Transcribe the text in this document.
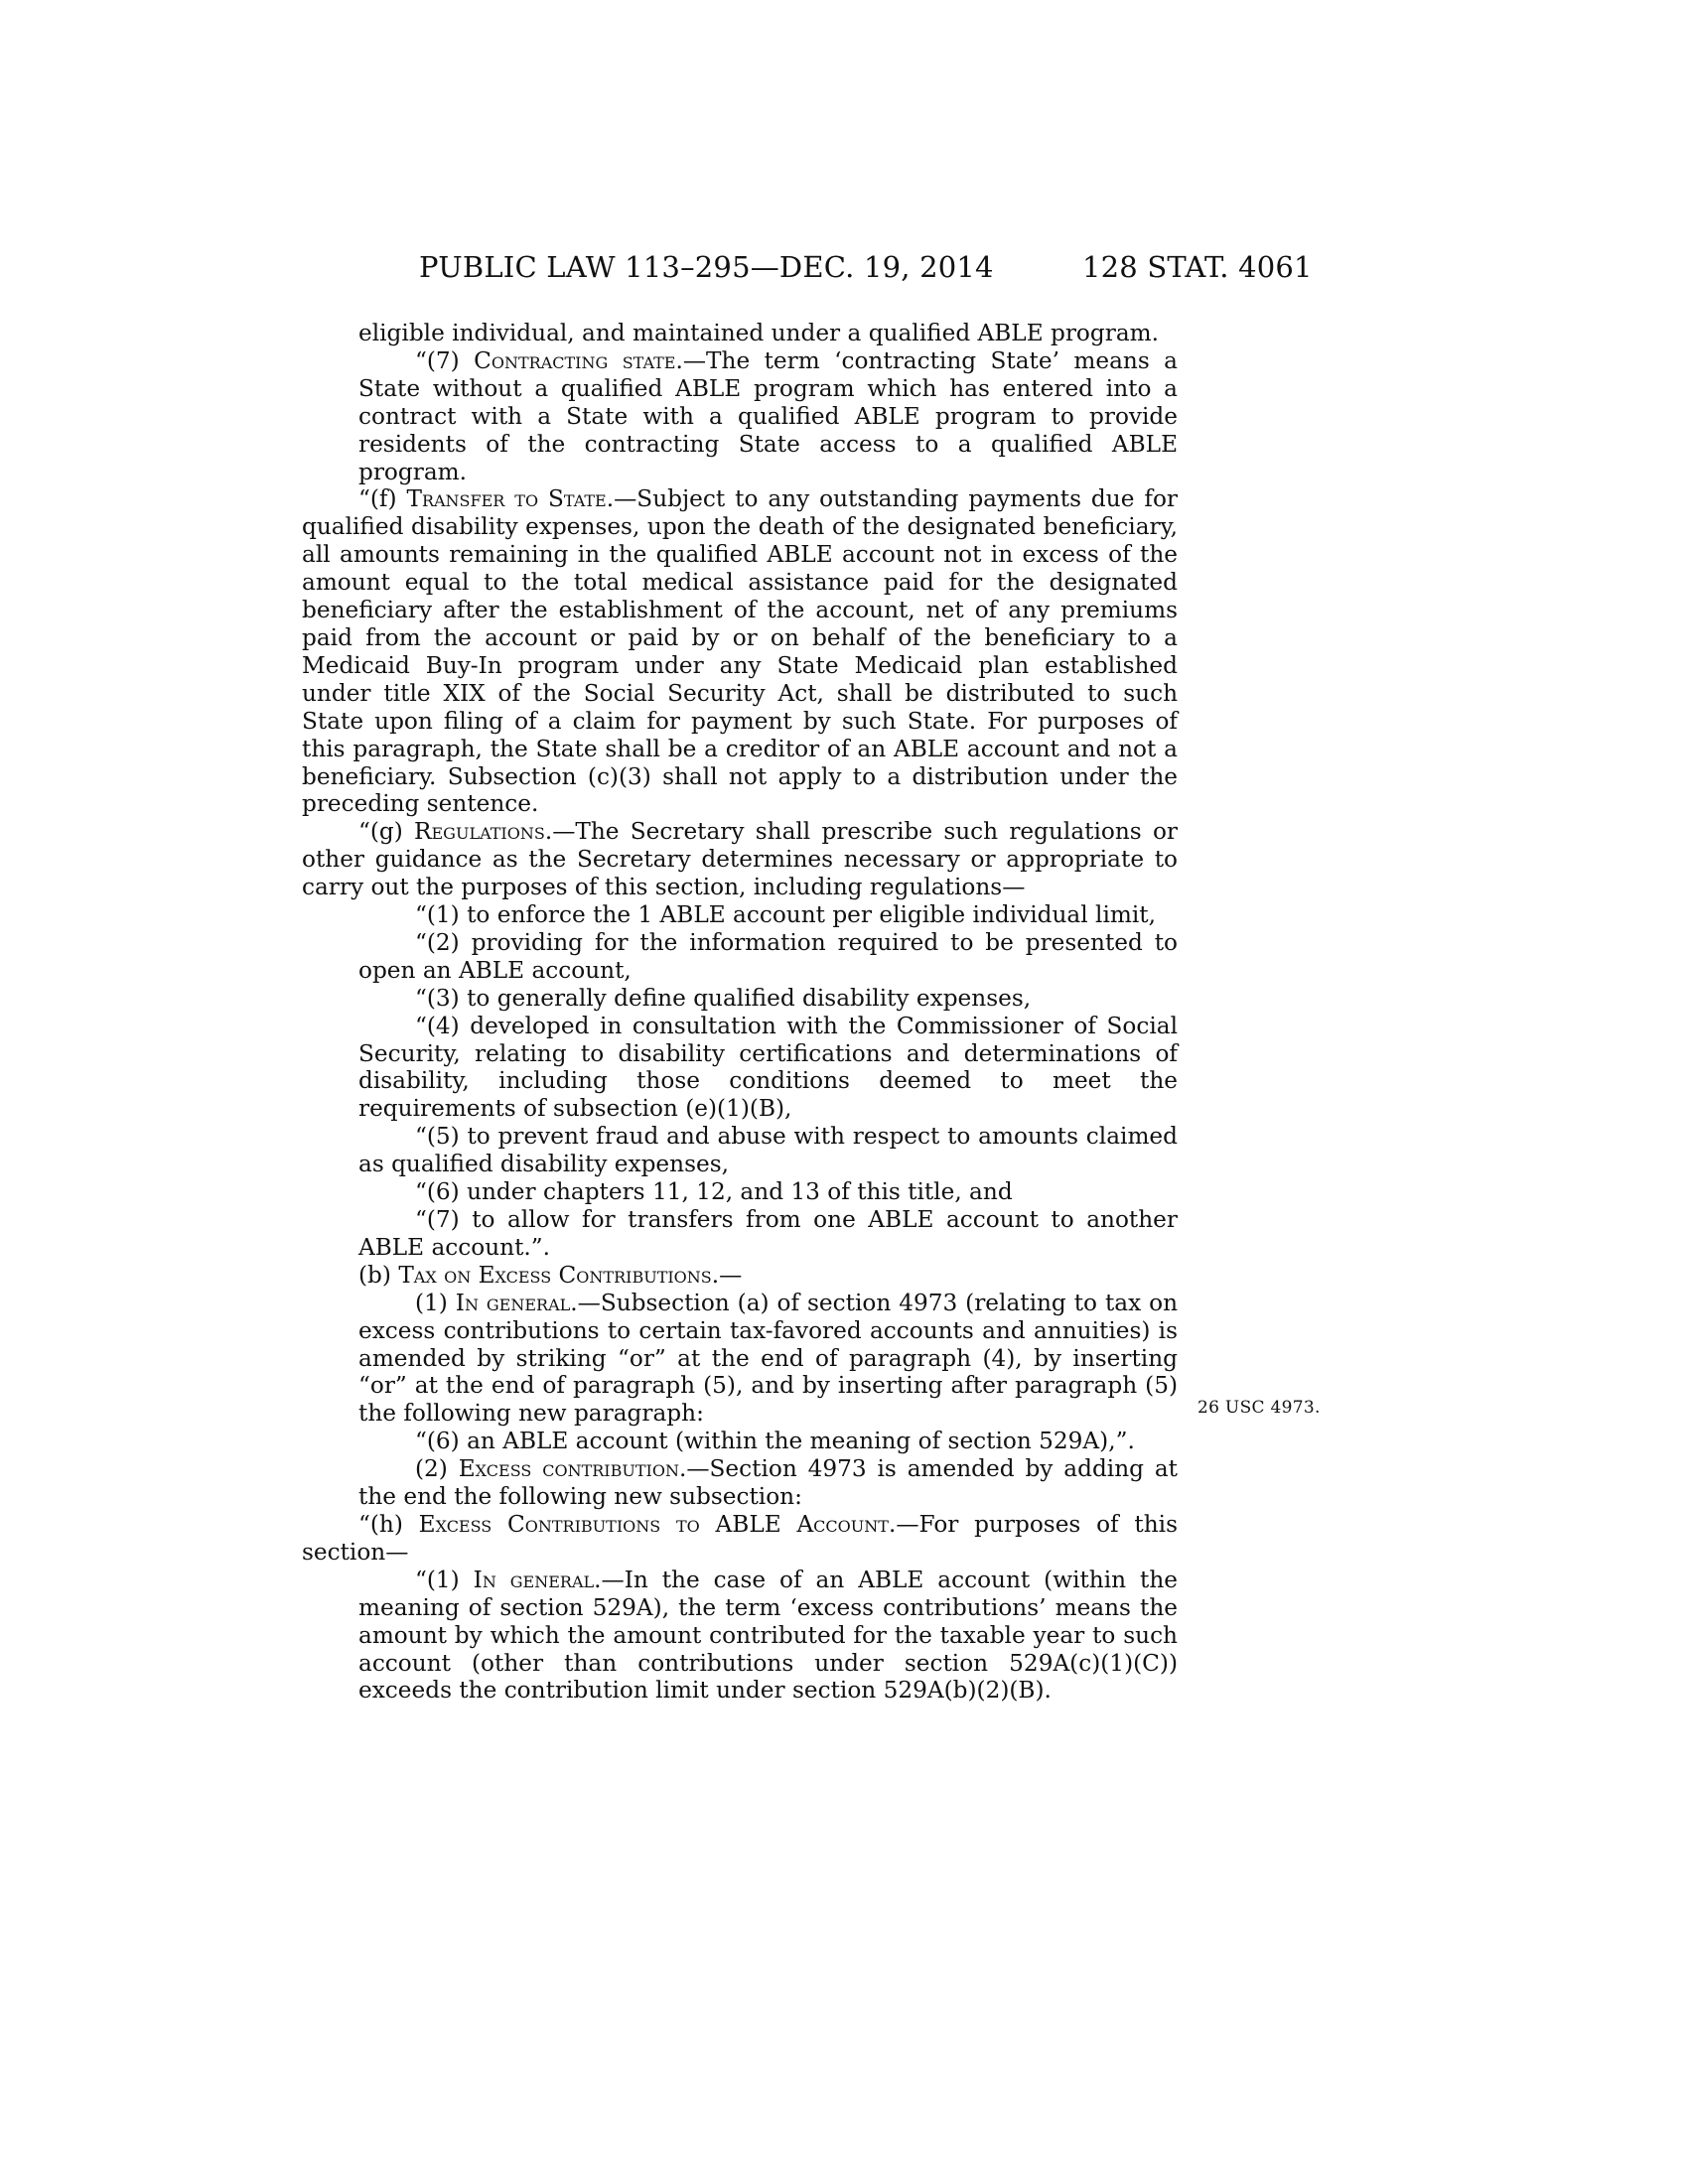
PUBLIC LAW 113–295—DEC. 19, 2014	128 STAT. 4061
26 USC 4973.

eligible individual, and maintained under a qualified ABLE program.

“(7) Contracting state.—The term ‘contracting State’ means a State without a qualified ABLE program which has entered into a contract with a State with a qualified ABLE program to provide residents of the contracting State access to a qualified ABLE program.

“(f) Transfer to State.—Subject to any outstanding payments due for qualified disability expenses, upon the death of the designated beneficiary, all amounts remaining in the qualified ABLE account not in excess of the amount equal to the total medical assistance paid for the designated beneficiary after the establishment of the account, net of any premiums paid from the account or paid by or on behalf of the beneficiary to a Medicaid Buy-In program under any State Medicaid plan established under title XIX of the Social Security Act, shall be distributed to such State upon filing of a claim for payment by such State. For purposes of this paragraph, the State shall be a creditor of an ABLE account and not a beneficiary. Subsection (c)(3) shall not apply to a distribution under the preceding sentence.

“(g) Regulations.—The Secretary shall prescribe such regulations or other guidance as the Secretary determines necessary or appropriate to carry out the purposes of this section, including regulations—

“(1) to enforce the 1 ABLE account per eligible individual limit,

“(2) providing for the information required to be presented to open an ABLE account,

“(3) to generally define qualified disability expenses,

“(4) developed in consultation with the Commissioner of Social Security, relating to disability certifications and determinations of disability, including those conditions deemed to meet the requirements of subsection (e)(1)(B),

“(5) to prevent fraud and abuse with respect to amounts claimed as qualified disability expenses,

“(6) under chapters 11, 12, and 13 of this title, and

“(7) to allow for transfers from one ABLE account to another ABLE account.”.

(b) Tax on Excess Contributions.—

(1) In general.—Subsection (a) of section 4973 (relating to tax on excess contributions to certain tax-favored accounts and annuities) is amended by striking “or” at the end of paragraph (4), by inserting “or” at the end of paragraph (5), and by inserting after paragraph (5) the following new paragraph:

“(6) an ABLE account (within the meaning of section 529A),”.

(2) Excess contribution.—Section 4973 is amended by adding at the end the following new subsection:

“(h) Excess Contributions to ABLE Account.—For purposes of this section—

“(1) In general.—In the case of an ABLE account (within the meaning of section 529A), the term ‘excess contributions’ means the amount by which the amount contributed for the taxable year to such account (other than contributions under section 529A(c)(1)(C)) exceeds the contribution limit under section 529A(b)(2)(B).
